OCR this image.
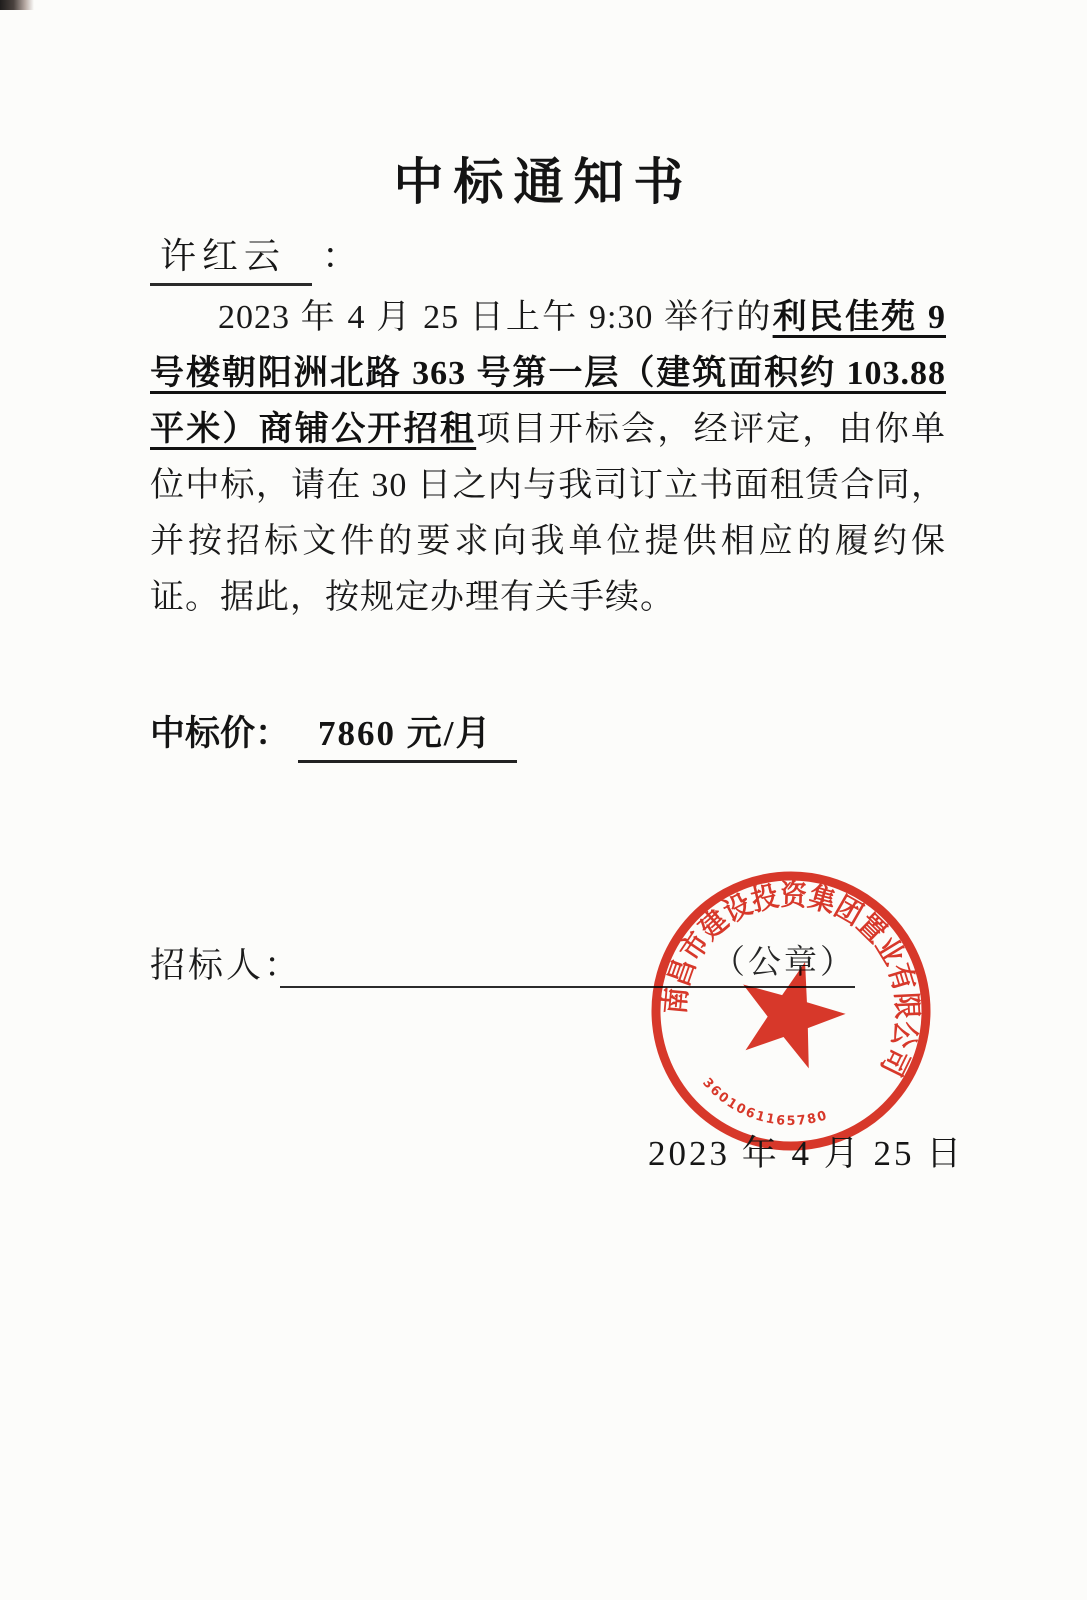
中标通知书
许红云 ：
2023 年 4 月 25 日上午 9:30 举行的利民佳苑 9 号楼朝阳洲北路 363 号第一层（建筑面积约 103.88 平米）商铺公开招租项目开标会，经评定，由你单位中标，请在 30 日之内与我司订立书面租赁合同，并按招标文件的要求向我单位提供相应的履约保证。据此，按规定办理有关手续。
中标价： 7860 元/月
招标人：	（公章）
南昌市建设投资集团置业有限公司
3601061165780
2023 年 4 月 25 日
